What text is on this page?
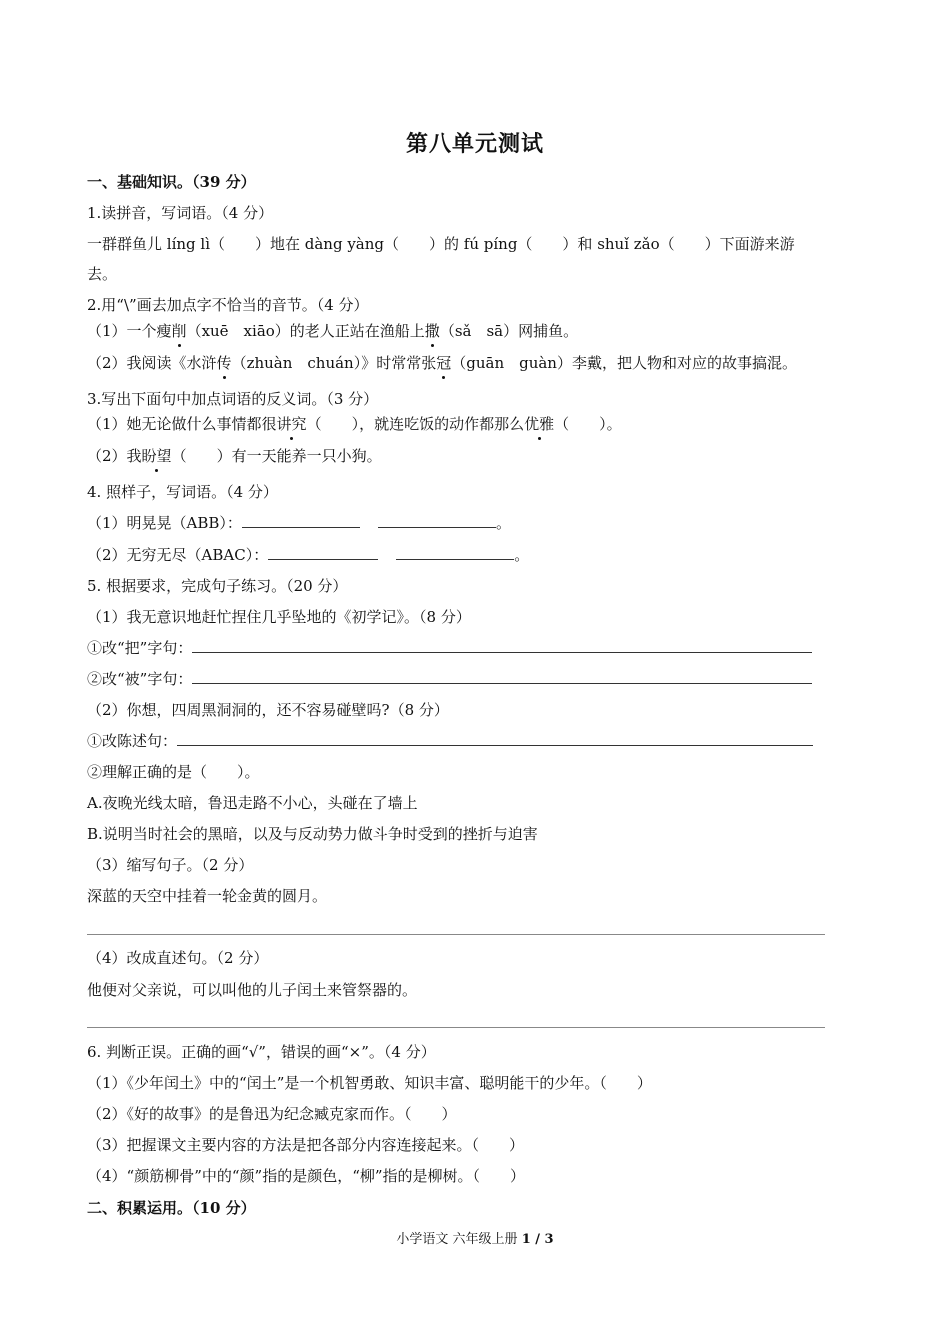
第八单元测试
一、基础知识。（39 分）
1.读拼音，写词语。（4 分）
一群群鱼儿 líng lì（　　）地在 dàng yàng（　　）的 fú píng（　　）和 shuǐ zǎo（　　）下面游来游
去。
2.用“\”画去加点字不恰当的音节。（4 分）
（1）一个瘦削（xuē　xiāo）的老人正站在渔船上撒（sǎ　sā）网捕鱼。
（2）我阅读《水浒传（zhuàn　chuán）》时常常张冠（guān　guàn）李戴，把人物和对应的故事搞混。
3.写出下面句中加点词语的反义词。（3 分）
（1）她无论做什么事情都很讲究（　　），就连吃饭的动作都那么优雅（　　）。
（2）我盼望（　　）有一天能养一只小狗。
4. 照样子，写词语。（4 分）
（1）明晃晃（ABB）：	。
（2）无穷无尽（ABAC）：	。
5. 根据要求，完成句子练习。（20 分）
（1）我无意识地赶忙捏住几乎坠地的《初学记》。（8 分）
①改“把”字句：
②改“被”字句：
（2）你想，四周黑洞洞的，还不容易碰壁吗?（8 分）
①改陈述句：
②理解正确的是（　　）。
A.夜晚光线太暗，鲁迅走路不小心，头碰在了墙上
B.说明当时社会的黑暗，以及与反动势力做斗争时受到的挫折与迫害
（3）缩写句子。（2 分）
深蓝的天空中挂着一轮金黄的圆月。
（4）改成直述句。（2 分）
他便对父亲说，可以叫他的儿子闰土来管祭器的。
6. 判断正误。正确的画“√”，错误的画“×”。（4 分）
（1）《少年闰土》中的“闰土”是一个机智勇敢、知识丰富、聪明能干的少年。（　　）
（2）《好的故事》的是鲁迅为纪念臧克家而作。（　　）
（3）把握课文主要内容的方法是把各部分内容连接起来。（　　）
（4）“颜筋柳骨”中的“颜”指的是颜色，“柳”指的是柳树。（　　）
二、积累运用。（10 分）
小学语文 六年级上册 1 / 3
